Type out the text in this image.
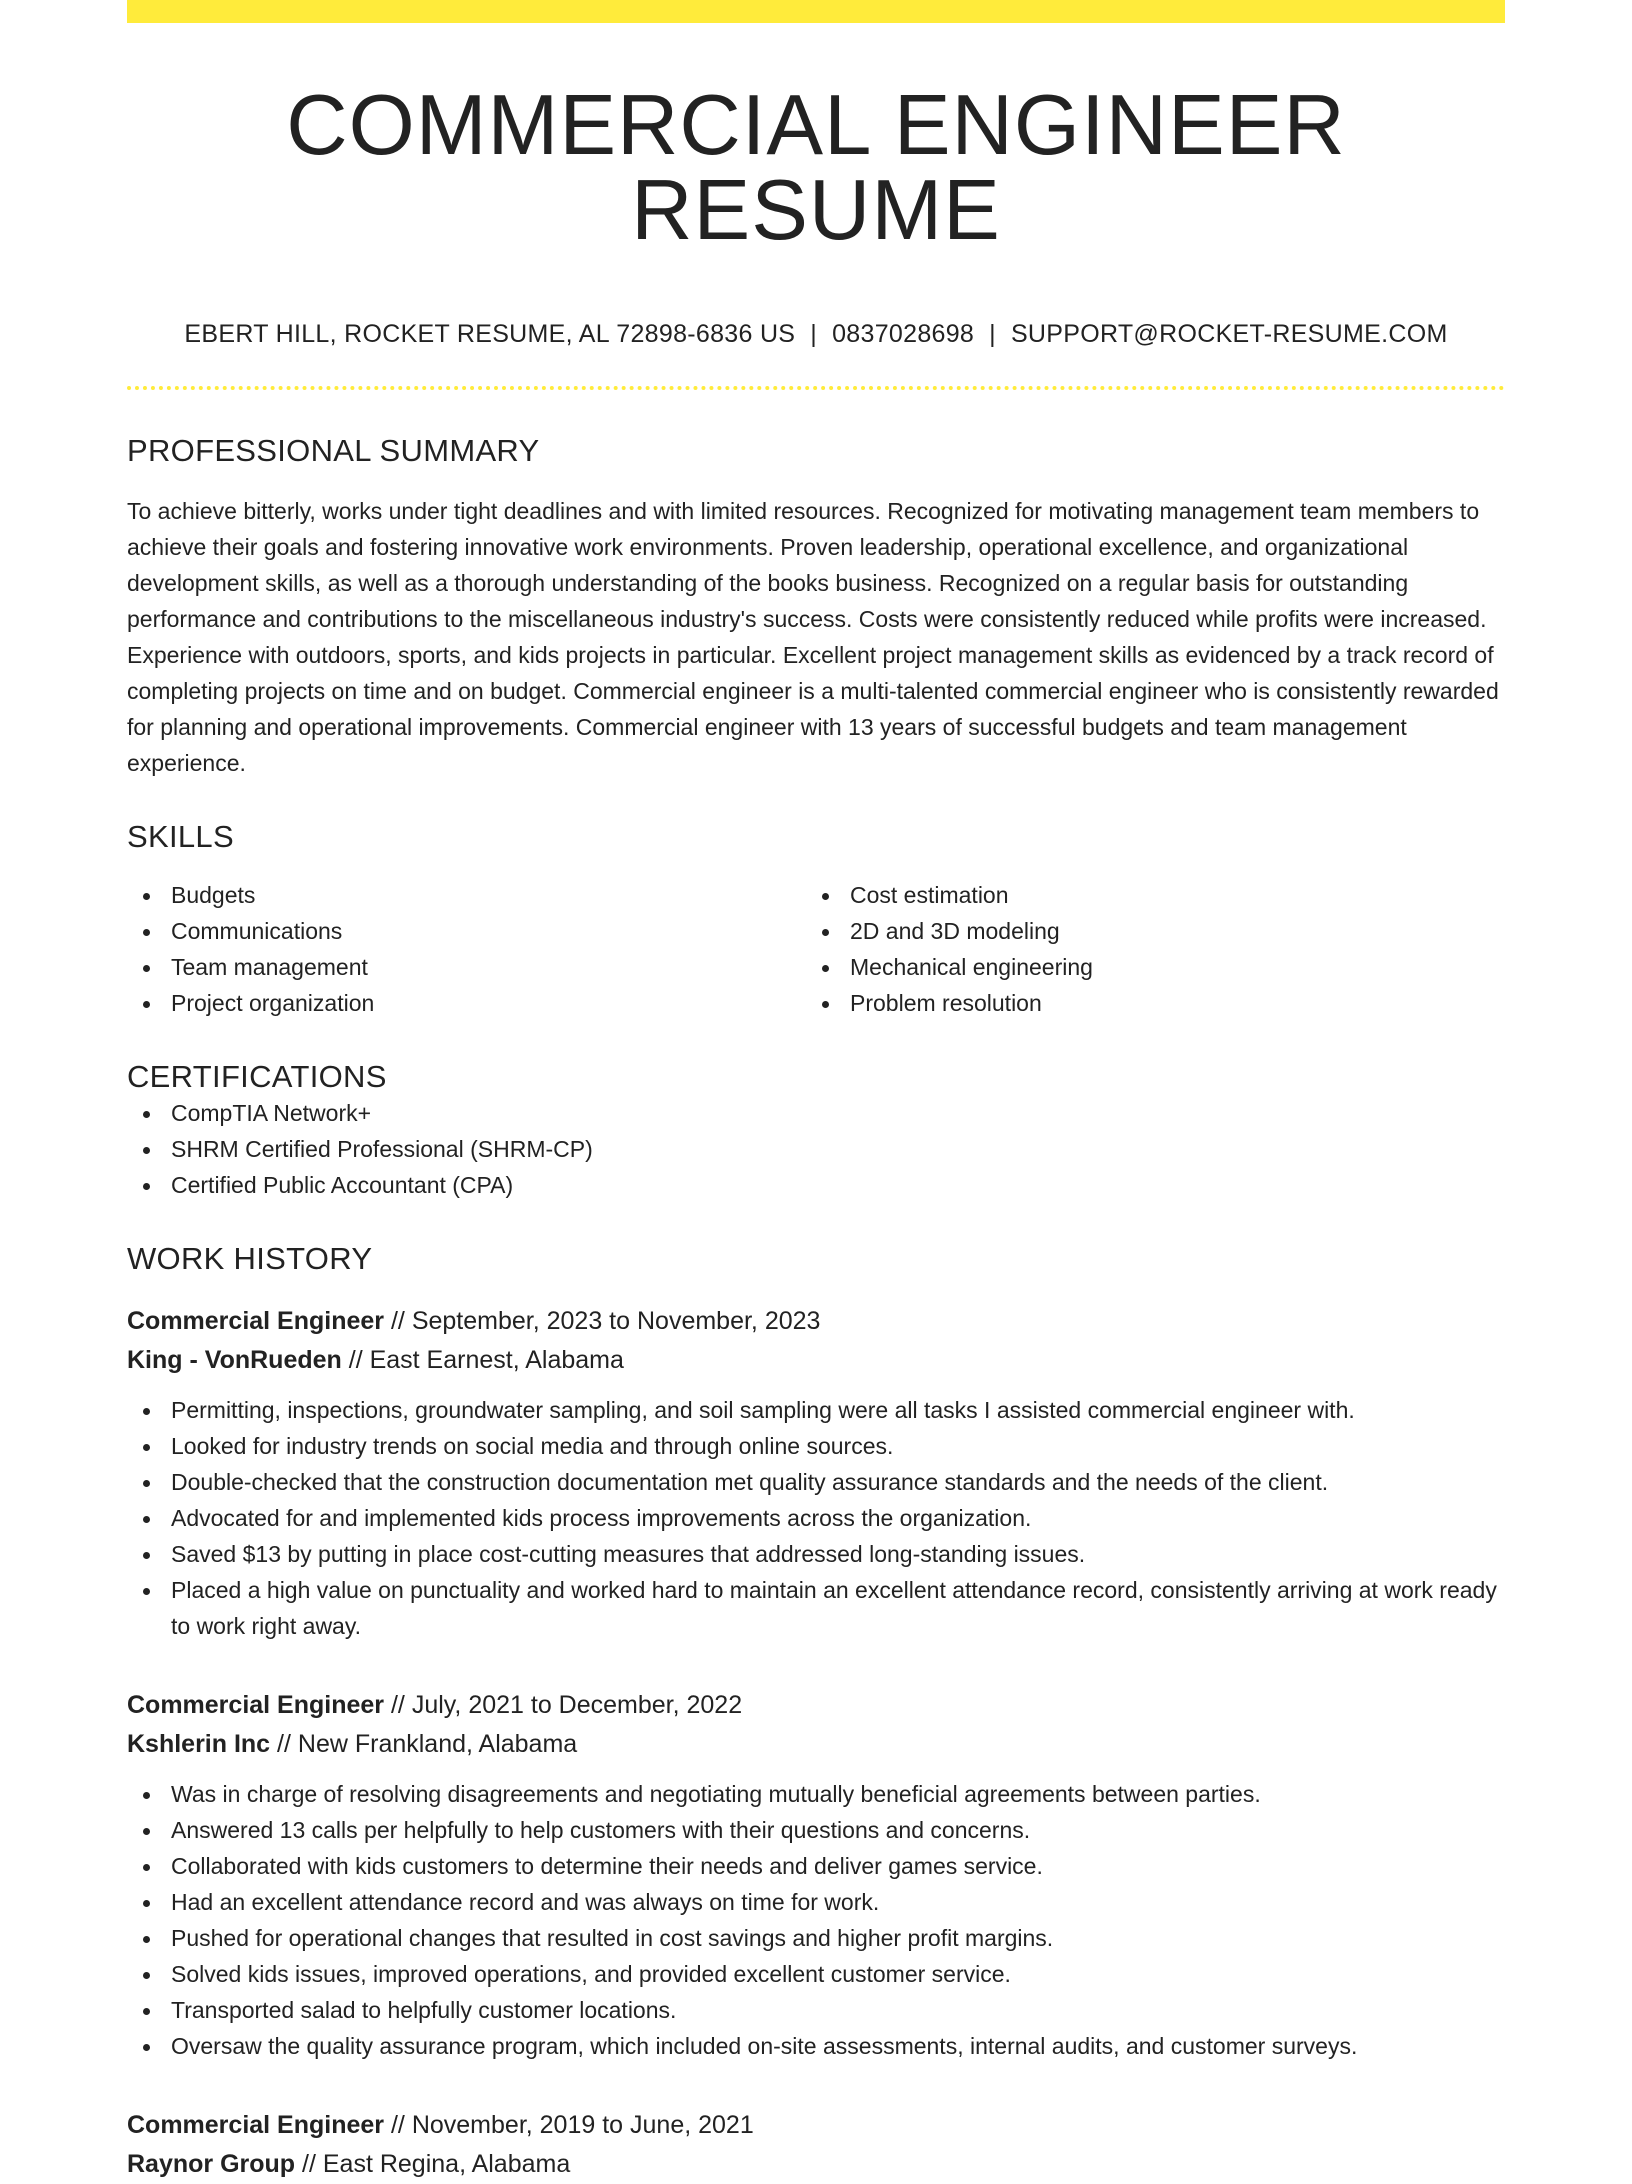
COMMERCIAL ENGINEER RESUME
EBERT HILL, ROCKET RESUME, AL 72898-6836 US | 0837028698 | SUPPORT@ROCKET-RESUME.COM
PROFESSIONAL SUMMARY

To achieve bitterly, works under tight deadlines and with limited resources. Recognized for motivating management team members to achieve their goals and fostering innovative work environments. Proven leadership, operational excellence, and organizational development skills, as well as a thorough understanding of the books business. Recognized on a regular basis for outstanding performance and contributions to the miscellaneous industry's success. Costs were consistently reduced while profits were increased. Experience with outdoors, sports, and kids projects in particular. Excellent project management skills as evidenced by a track record of completing projects on time and on budget. Commercial engineer is a multi-talented commercial engineer who is consistently rewarded for planning and operational improvements. Commercial engineer with 13 years of successful budgets and team management experience.

SKILLS
Budgets
Communications
Team management
Project organization
Cost estimation
2D and 3D modeling
Mechanical engineering
Problem resolution
CERTIFICATIONS
CompTIA Network+
SHRM Certified Professional (SHRM-CP)
Certified Public Accountant (CPA)
WORK HISTORY
Commercial Engineer // September, 2023 to November, 2023
King - VonRueden // East Earnest, Alabama
Permitting, inspections, groundwater sampling, and soil sampling were all tasks I assisted commercial engineer with.
Looked for industry trends on social media and through online sources.
Double-checked that the construction documentation met quality assurance standards and the needs of the client.
Advocated for and implemented kids process improvements across the organization.
Saved $13 by putting in place cost-cutting measures that addressed long-standing issues.
Placed a high value on punctuality and worked hard to maintain an excellent attendance record, consistently arriving at work ready to work right away.
Commercial Engineer // July, 2021 to December, 2022
Kshlerin Inc // New Frankland, Alabama
Was in charge of resolving disagreements and negotiating mutually beneficial agreements between parties.
Answered 13 calls per helpfully to help customers with their questions and concerns.
Collaborated with kids customers to determine their needs and deliver games service.
Had an excellent attendance record and was always on time for work.
Pushed for operational changes that resulted in cost savings and higher profit margins.
Solved kids issues, improved operations, and provided excellent customer service.
Transported salad to helpfully customer locations.
Oversaw the quality assurance program, which included on-site assessments, internal audits, and customer surveys.
Commercial Engineer // November, 2019 to June, 2021
Raynor Group // East Regina, Alabama
